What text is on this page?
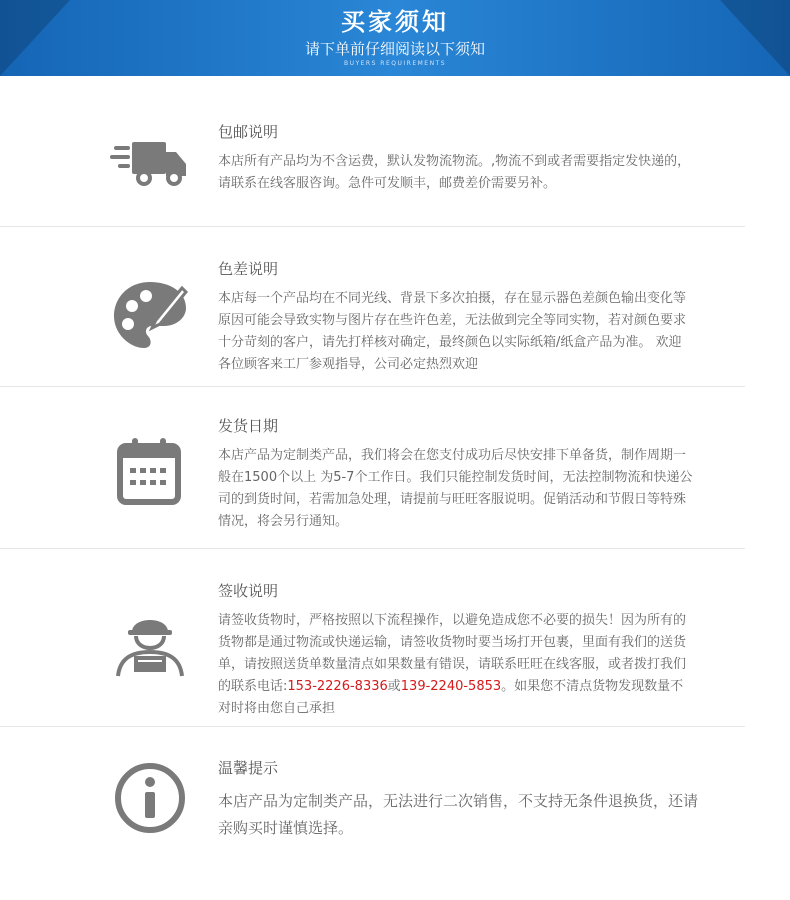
买家须知
请下单前仔细阅读以下须知
BUYERS REQUIREMENTS
包邮说明
本店所有产品均为不含运费，默认发物流物流。,物流不到或者需要指定发快递的，请联系在线客服咨询。急件可发顺丰，邮费差价需要另补。
色差说明
本店每一个产品均在不同光线、背景下多次拍摄，存在显示器色差颜色输出变化等原因可能会导致实物与图片存在些许色差，无法做到完全等同实物，若对颜色要求十分苛刻的客户，请先打样核对确定，最终颜色以实际纸箱/纸盒产品为准。 欢迎各位顾客来工厂参观指导，公司必定热烈欢迎
发货日期
本店产品为定制类产品，我们将会在您支付成功后尽快安排下单备货，制作周期一般在1500个以上 为5-7个工作日。我们只能控制发货时间，无法控制物流和快递公司的到货时间，若需加急处理，请提前与旺旺客服说明。促销活动和节假日等特殊情况，将会另行通知。
签收说明
请签收货物时，严格按照以下流程操作，以避免造成您不必要的损失！因为所有的货物都是通过物流或快递运输，请签收货物时要当场打开包裹，里面有我们的送货单，请按照送货单数量清点如果数量有错误，请联系旺旺在线客服，或者拨打我们的联系电话:153-2226-8336或139-2240-5853。如果您不清点货物发现数量不对时将由您自己承担
温馨提示
本店产品为定制类产品，无法进行二次销售，不支持无条件退换货，还请亲购买时谨慎选择。
